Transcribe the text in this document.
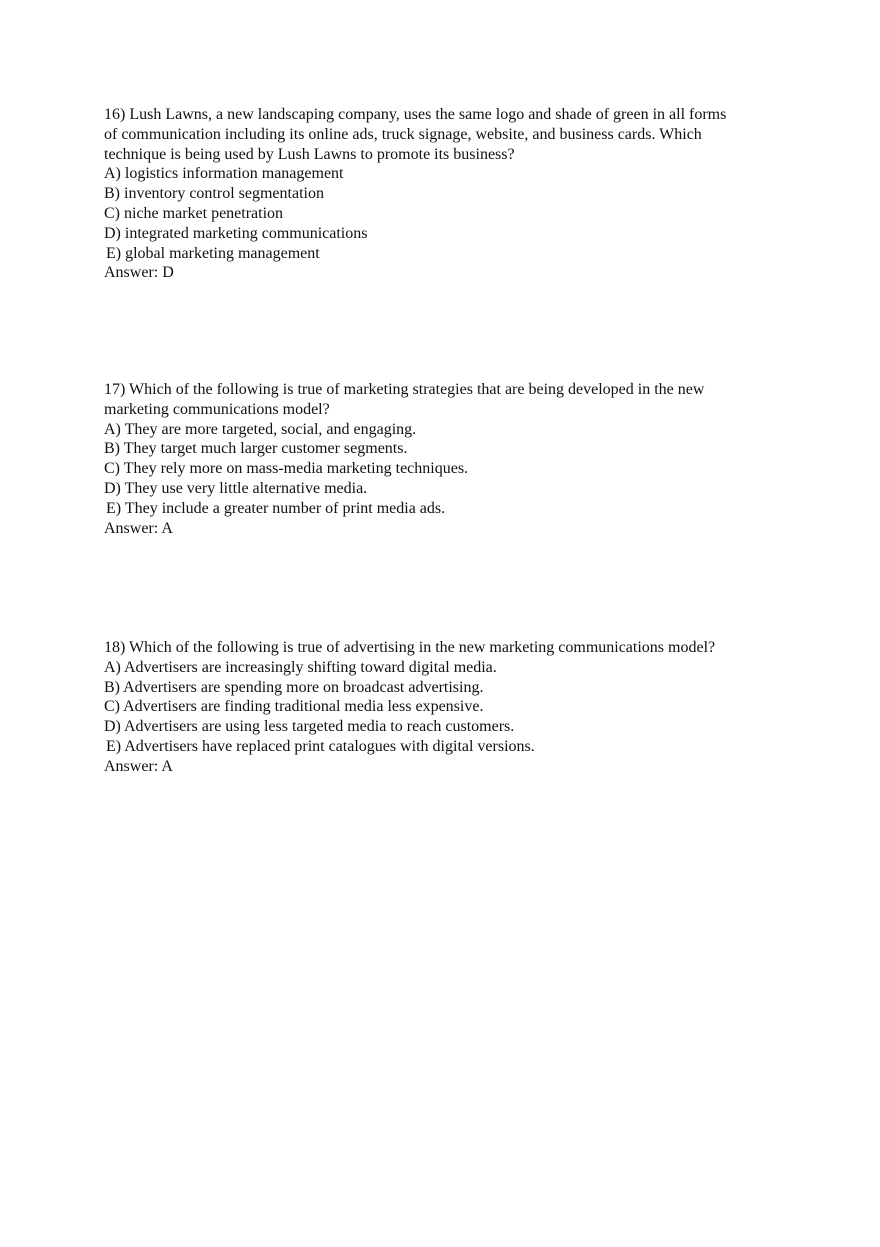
16) Lush Lawns, a new landscaping company, uses the same logo and shade of green in all forms
of communication including its online ads, truck signage, website, and business cards. Which
technique is being used by Lush Lawns to promote its business?
A) logistics information management
B) inventory control segmentation
C) niche market penetration
D) integrated marketing communications
E) global marketing management
Answer: D
17) Which of the following is true of marketing strategies that are being developed in the new
marketing communications model?
A) They are more targeted, social, and engaging.
B) They target much larger customer segments.
C) They rely more on mass-media marketing techniques.
D) They use very little alternative media.
E) They include a greater number of print media ads.
Answer: A
18) Which of the following is true of advertising in the new marketing communications model?
A) Advertisers are increasingly shifting toward digital media.
B) Advertisers are spending more on broadcast advertising.
C) Advertisers are finding traditional media less expensive.
D) Advertisers are using less targeted media to reach customers.
E) Advertisers have replaced print catalogues with digital versions.
Answer: A
